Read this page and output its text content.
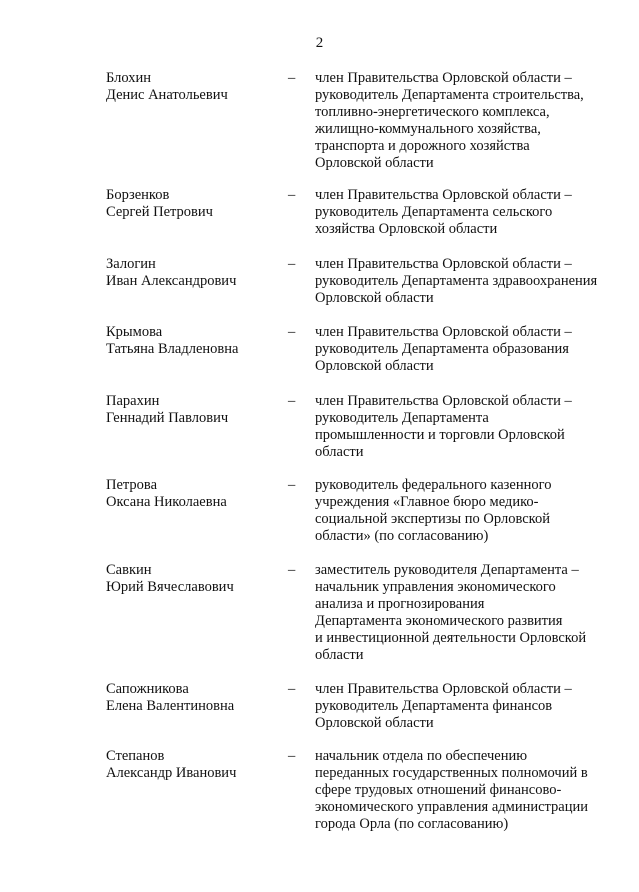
2
Блохин
Денис Анатольевич
– член Правительства Орловской области –
руководитель Департамента строительства,
топливно-энергетического комплекса,
жилищно-коммунального хозяйства,
транспорта и дорожного хозяйства
Орловской области
Борзенков
Сергей Петрович
– член Правительства Орловской области –
руководитель Департамента сельского
хозяйства Орловской области
Залогин
Иван Александрович
– член Правительства Орловской области –
руководитель Департамента здравоохранения
Орловской области
Крымова
Татьяна Владленовна
– член Правительства Орловской области –
руководитель Департамента образования
Орловской области
Парахин
Геннадий Павлович
– член Правительства Орловской области –
руководитель Департамента
промышленности и торговли Орловской
области
Петрова
Оксана Николаевна
– руководитель федерального казенного
учреждения «Главное бюро медико-
социальной экспертизы по Орловской
области» (по согласованию)
Савкин
Юрий Вячеславович
– заместитель руководителя Департамента –
начальник управления экономического
анализа и прогнозирования
Департамента экономического развития
и инвестиционной деятельности Орловской
области
Сапожникова
Елена Валентиновна
– член Правительства Орловской области –
руководитель Департамента финансов
Орловской области
Степанов
Александр Иванович
– начальник отдела по обеспечению
переданных государственных полномочий в
сфере трудовых отношений финансово-
экономического управления администрации
города Орла (по согласованию)
